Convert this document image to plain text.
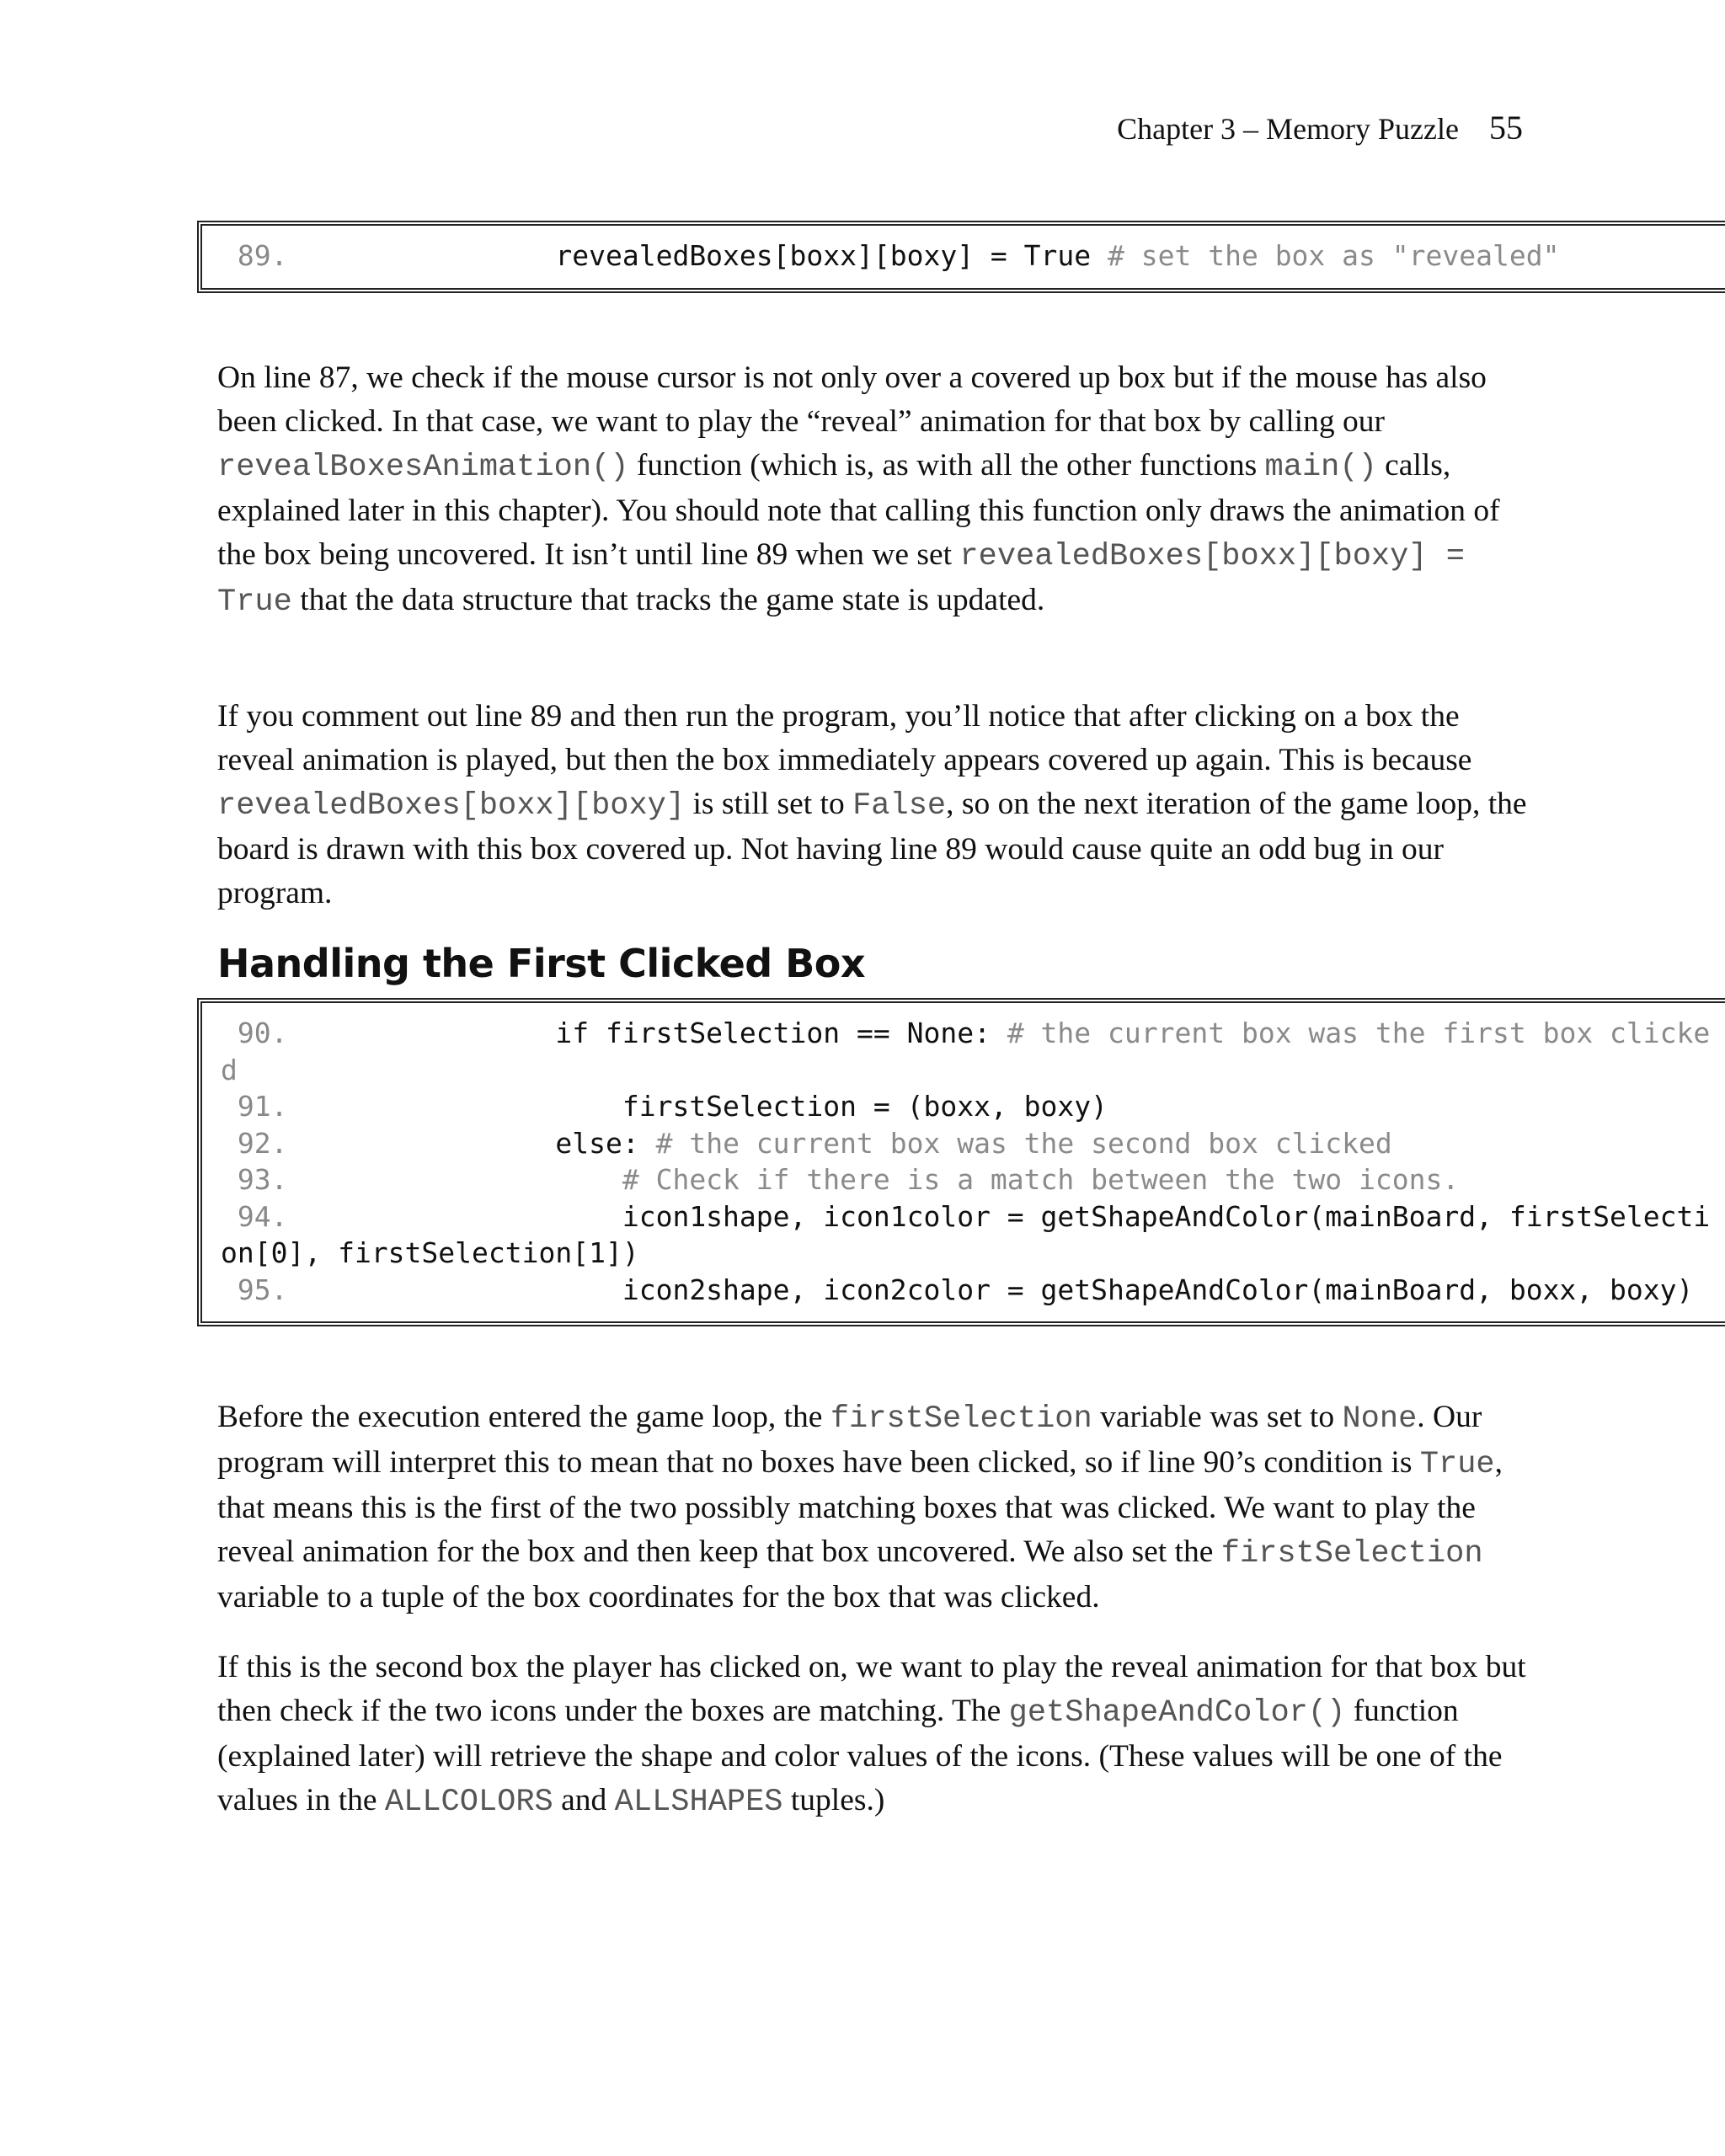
Chapter 3 – Memory Puzzle 55
89.	revealedBoxes[boxx][boxy] = True # set the box as "revealed"

On line 87, we check if the mouse cursor is not only over a covered up box but if the mouse has also been clicked. In that case, we want to play the “reveal” animation for that box by calling our revealBoxesAnimation() function (which is, as with all the other functions main() calls, explained later in this chapter). You should note that calling this function only draws the animation of the box being uncovered. It isn’t until line 89 when we set revealedBoxes[boxx][boxy] = True that the data structure that tracks the game state is updated.

If you comment out line 89 and then run the program, you’ll notice that after clicking on a box the reveal animation is played, but then the box immediately appears covered up again. This is because revealedBoxes[boxx][boxy] is still set to False, so on the next iteration of the game loop, the board is drawn with this box covered up. Not having line 89 would cause quite an odd bug in our program.

Handling the First Clicked Box
90.	if firstSelection == None: # the current box was the first box clicked
91.	firstSelection = (boxx, boxy)
92.	else: # the current box was the second box clicked
93.	# Check if there is a match between the two icons.
94.	icon1shape, icon1color = getShapeAndColor(mainBoard, firstSelection[0], firstSelection[1])
95.	icon2shape, icon2color = getShapeAndColor(mainBoard, boxx, boxy)

Before the execution entered the game loop, the firstSelection variable was set to None. Our program will interpret this to mean that no boxes have been clicked, so if line 90’s condition is True, that means this is the first of the two possibly matching boxes that was clicked. We want to play the reveal animation for the box and then keep that box uncovered. We also set the firstSelection variable to a tuple of the box coordinates for the box that was clicked.

If this is the second box the player has clicked on, we want to play the reveal animation for that box but then check if the two icons under the boxes are matching. The getShapeAndColor() function (explained later) will retrieve the shape and color values of the icons. (These values will be one of the values in the ALLCOLORS and ALLSHAPES tuples.)
